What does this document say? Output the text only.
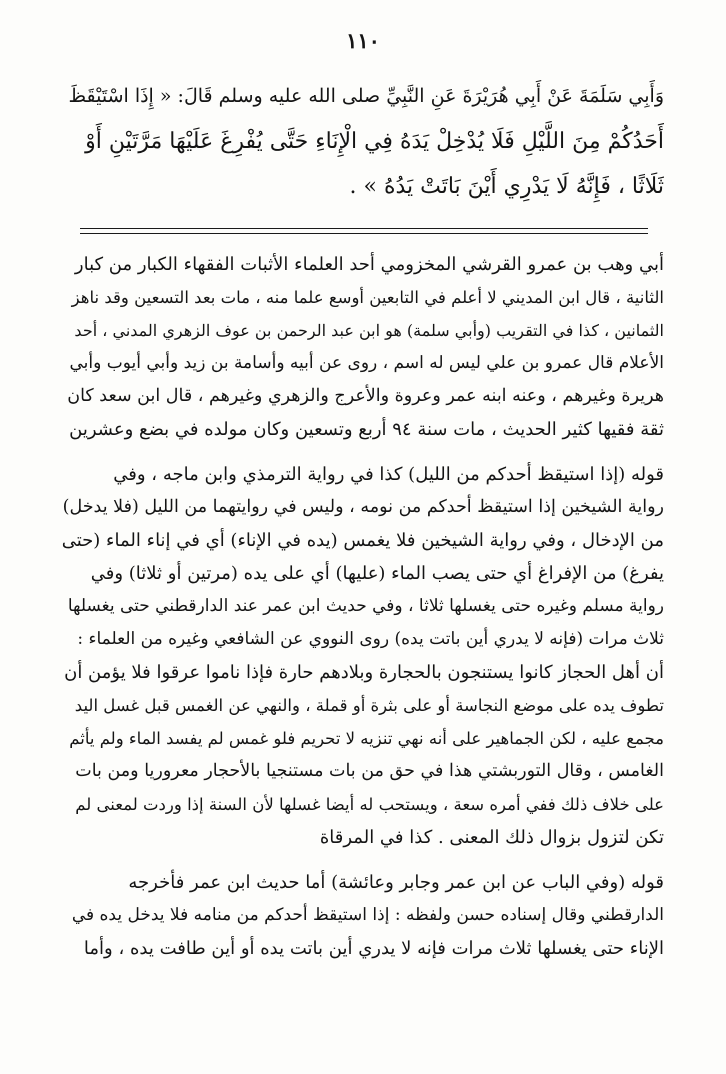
١١٠
وَأَبِي سَلَمَةَ عَنْ أَبِي هُرَيْرَةَ عَنِ النَّبِيِّ صلى الله عليه وسلم قَالَ: « إِذَا اسْتَيْقَظَ
أَحَدُكُمْ مِنَ اللَّيْلِ فَلَا يُدْخِلْ يَدَهُ فِي الْإِنَاءِ حَتَّى يُفْرِغَ عَلَيْهَا مَرَّتَيْنِ أَوْ
ثَلَاثًا ، فَإِنَّهُ لَا يَدْرِي أَيْنَ بَاتَتْ يَدُهُ » .
أبي وهب بن عمرو القرشي المخزومي أحد العلماء الأثبات الفقهاء الكبار من كبار
الثانية ، قال ابن المديني لا أعلم في التابعين أوسع علما منه ، مات بعد التسعين وقد ناهز
الثمانين ، كذا في التقريب (وأبي سلمة) هو ابن عبد الرحمن بن عوف الزهري المدني ، أحد
الأعلام قال عمرو بن علي ليس له اسم ، روى عن أبيه وأسامة بن زيد وأبي أيوب وأبي
هريرة وغيرهم ، وعنه ابنه عمر وعروة والأعرج والزهري وغيرهم ، قال ابن سعد كان
ثقة فقيها كثير الحديث ، مات سنة ٩٤ أربع وتسعين وكان مولده في بضع وعشرين
قوله (إذا استيقظ أحدكم من الليل) كذا في رواية الترمذي وابن ماجه ، وفي
رواية الشيخين إذا استيقظ أحدكم من نومه ، وليس في روايتهما من الليل (فلا يدخل)
من الإدخال ، وفي رواية الشيخين فلا يغمس (يده في الإناء) أي في إناء الماء (حتى
يفرغ) من الإفراغ أي حتى يصب الماء (عليها) أي على يده (مرتين أو ثلاثا) وفي
رواية مسلم وغيره حتى يغسلها ثلاثا ، وفي حديث ابن عمر عند الدارقطني حتى يغسلها
ثلاث مرات (فإنه لا يدري أين باتت يده) روى النووي عن الشافعي وغيره من العلماء :
أن أهل الحجاز كانوا يستنجون بالحجارة وبلادهم حارة فإذا ناموا عرقوا فلا يؤمن أن
تطوف يده على موضع النجاسة أو على بثرة أو قملة ، والنهي عن الغمس قبل غسل اليد
مجمع عليه ، لكن الجماهير على أنه نهي تنزيه لا تحريم فلو غمس لم يفسد الماء ولم يأثم
الغامس ، وقال التوربشتي هذا في حق من بات مستنجيا بالأحجار معروريا ومن بات
على خلاف ذلك ففي أمره سعة ، ويستحب له أيضا غسلها لأن السنة إذا وردت لمعنى لم
تكن لتزول بزوال ذلك المعنى . كذا في المرقاة
قوله (وفي الباب عن ابن عمر وجابر وعائشة) أما حديث ابن عمر فأخرجه
الدارقطني وقال إسناده حسن ولفظه : إذا استيقظ أحدكم من منامه فلا يدخل يده في
الإناء حتى يغسلها ثلاث مرات فإنه لا يدري أين باتت يده أو أين طافت يده ، وأما
